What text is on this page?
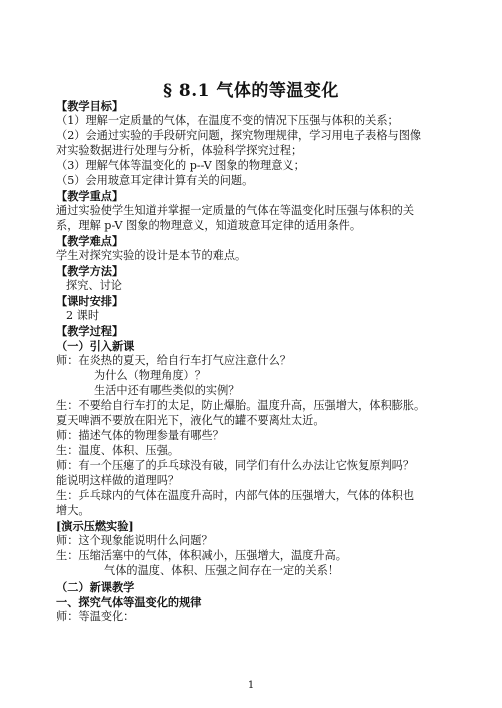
§ 8.1 气体的等温变化
【教学目标】
（1）理解一定质量的气体，在温度不变的情况下压强与体积的关系；
（2）会通过实验的手段研究问题，探究物理规律，学习用电子表格与图像
对实验数据进行处理与分析，体验科学探究过程；
（3）理解气体等温变化的 p--V 图象的物理意义；
（5）会用玻意耳定律计算有关的问题。
【教学重点】
通过实验使学生知道并掌握一定质量的气体在等温变化时压强与体积的关
系，理解 p-V 图象的物理意义，知道玻意耳定律的适用条件。
【教学难点】
学生对探究实验的设计是本节的难点。
【教学方法】
探究、讨论
【课时安排】
2 课时
【教学过程】
（一）引入新课
师：在炎热的夏天，给自行车打气应注意什么？
为什么（物理角度）？
生活中还有哪些类似的实例？
生：不要给自行车打的太足，防止爆胎。温度升高，压强增大，体积膨胀。
夏天啤酒不要放在阳光下，液化气的罐不要离灶太近。
师：描述气体的物理参量有哪些？
生：温度、体积、压强。
师：有一个压瘪了的乒乓球没有破，同学们有什么办法让它恢复原判吗？
能说明这样做的道理吗？
生：乒乓球内的气体在温度升高时，内部气体的压强增大，气体的体积也
增大。
[演示压燃实验]
师：这个现象能说明什么问题？
生：压缩活塞中的气体，体积减小，压强增大，温度升高。
气体的温度、体积、压强之间存在一定的关系！
（二）新课教学
一、探究气体等温变化的规律
师：等温变化：
1
